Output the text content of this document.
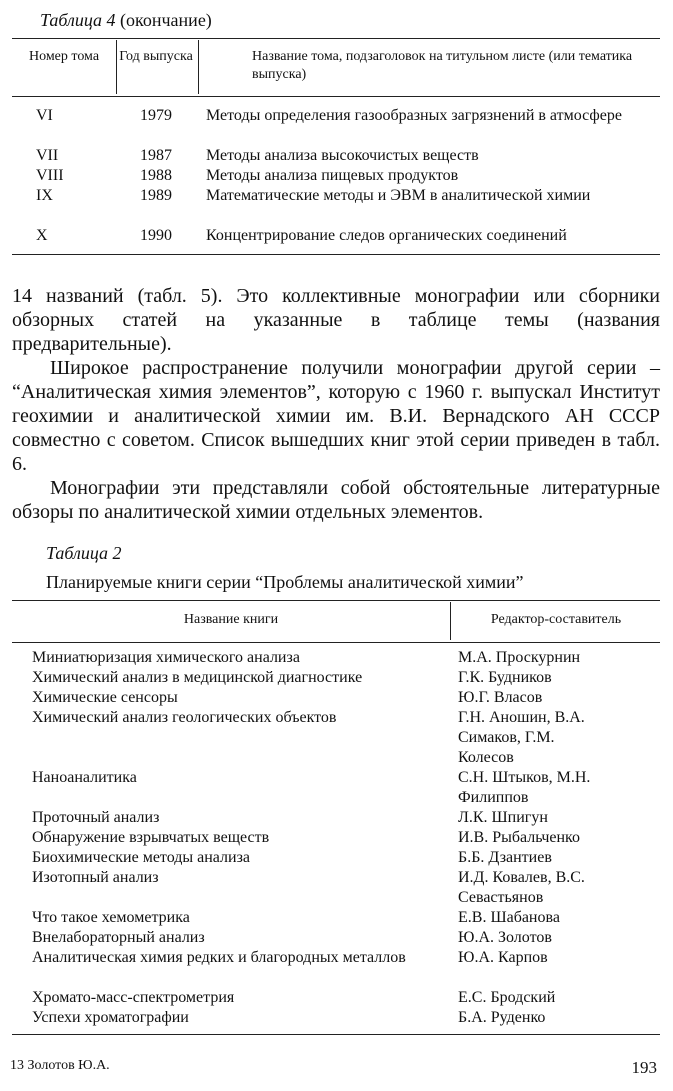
Таблица 4 (окончание)
Номер тома	Год выпуска	Название тома, подзаголовок на титульном листе (или тематика выпуска)
VI	1979	Методы определения газообразных загрязнений в атмосфере
VII	1987	Методы анализа высокочистых веществ
VIII	1988	Методы анализа пищевых продуктов
IX	1989	Математические методы и ЭВМ в аналитической химии
X	1990	Концентрирование следов органических соединений

14 названий (табл. 5). Это коллективные монографии или сборники обзорных статей на указанные в таблице темы (названия предварительные).

Широкое распространение получили монографии другой серии – “Аналитическая химия элементов”, которую с 1960 г. выпускал Институт геохимии и аналитической химии им. В.И. Вернадского АН СССР совместно с советом. Список вышедших книг этой серии приведен в табл. 6.

Монографии эти представляли собой обстоятельные литературные обзоры по аналитической химии отдельных элементов.

Таблица 2
Планируемые книги серии “Проблемы аналитической химии”
Название книги	Редактор-составитель
Миниатюризация химического анализа	М.А. Проскурнин
Химический анализ в медицинской диагностике	Г.К. Будников
Химические сенсоры	Ю.Г. Власов
Химический анализ геологических объектов	Г.Н. Аношин, В.А. Симаков, Г.М. Колесов
Наноаналитика	С.Н. Штыков, М.Н. Филиппов
Проточный анализ	Л.К. Шпигун
Обнаружение взрывчатых веществ	И.В. Рыбальченко
Биохимические методы анализа	Б.Б. Дзантиев
Изотопный анализ	И.Д. Ковалев, В.С. Севастьянов
Что такое хемометрика	Е.В. Шабанова
Внелабораторный анализ	Ю.А. Золотов
Аналитическая химия редких и благородных металлов	Ю.А. Карпов
Хромато-масс-спектрометрия	Е.С. Бродский
Успехи хроматографии	Б.А. Руденко
13 Золотов Ю.А.	193
